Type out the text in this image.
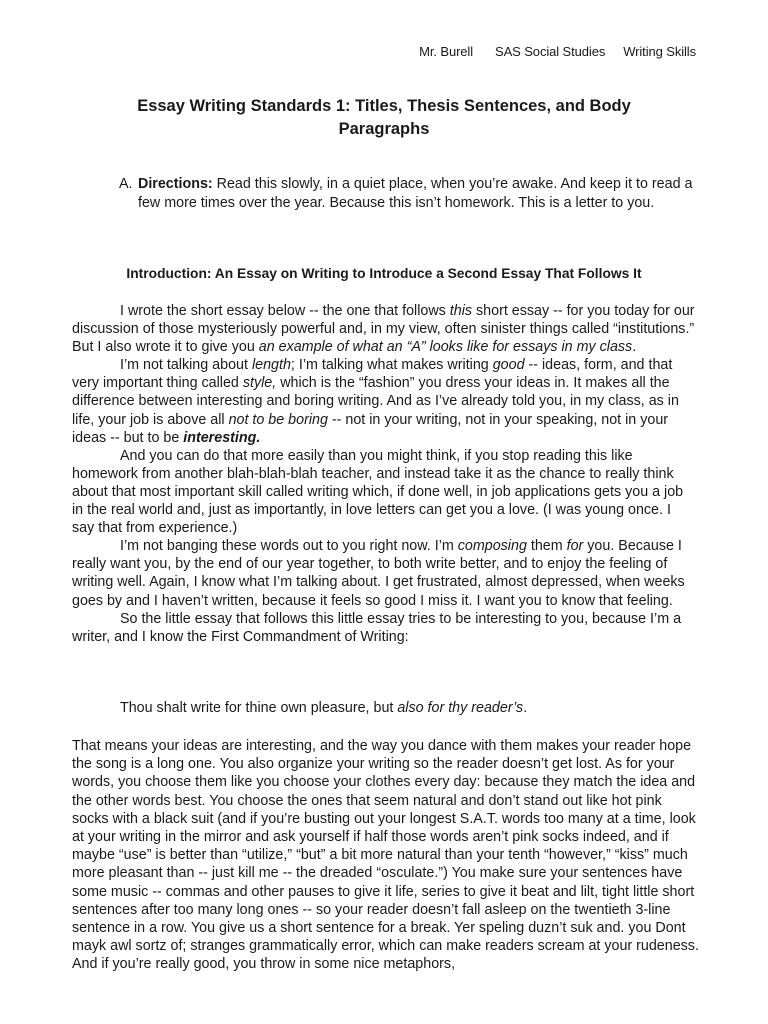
Mr. Burell SAS Social Studies Writing Skills
Essay Writing Standards 1: Titles, Thesis Sentences, and Body Paragraphs
A. Directions: Read this slowly, in a quiet place, when you’re awake. And keep it to read a few more times over the year. Because this isn’t homework. This is a letter to you.
Introduction: An Essay on Writing to Introduce a Second Essay That Follows It

I wrote the short essay below -- the one that follows this short essay -- for you today for our discussion of those mysteriously powerful and, in my view, often sinister things called “institutions.” But I also wrote it to give you an example of what an “A” looks like for essays in my class.

I’m not talking about length; I’m talking what makes writing good -- ideas, form, and that very important thing called style, which is the “fashion” you dress your ideas in. It makes all the difference between interesting and boring writing. And as I’ve already told you, in my class, as in life, your job is above all not to be boring -- not in your writing, not in your speaking, not in your ideas -- but to be interesting.

And you can do that more easily than you might think, if you stop reading this like homework from another blah-blah-blah teacher, and instead take it as the chance to really think about that most important skill called writing which, if done well, in job applications gets you a job in the real world and, just as importantly, in love letters can get you a love. (I was young once. I say that from experience.)

I’m not banging these words out to you right now. I’m composing them for you. Because I really want you, by the end of our year together, to both write better, and to enjoy the feeling of writing well. Again, I know what I’m talking about. I get frustrated, almost depressed, when weeks goes by and I haven’t written, because it feels so good I miss it. I want you to know that feeling.

So the little essay that follows this little essay tries to be interesting to you, because I’m a writer, and I know the First Commandment of Writing:

Thou shalt write for thine own pleasure, but also for thy reader’s.
That means your ideas are interesting, and the way you dance with them makes your reader hope the song is a long one. You also organize your writing so the reader doesn’t get lost. As for your words, you choose them like you choose your clothes every day: because they match the idea and the other words best. You choose the ones that seem natural and don’t stand out like hot pink socks with a black suit (and if you’re busting out your longest S.A.T. words too many at a time, look at your writing in the mirror and ask yourself if half those words aren’t pink socks indeed, and if maybe “use” is better than “utilize,” “but” a bit more natural than your tenth “however,” “kiss” much more pleasant than -- just kill me -- the dreaded “osculate.”) You make sure your sentences have some music -- commas and other pauses to give it life, series to give it beat and lilt, tight little short sentences after too many long ones -- so your reader doesn’t fall asleep on the twentieth 3-line sentence in a row. You give us a short sentence for a break. Yer speling duzn’t suk and. you Dont mayk awl sortz of; stranges grammatically error, which can make readers scream at your rudeness. And if you’re really good, you throw in some nice metaphors,
